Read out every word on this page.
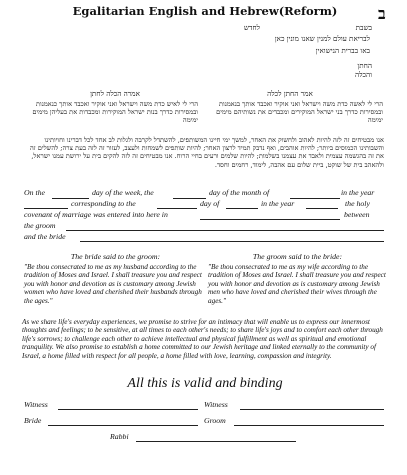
Egalitarian English and Hebrew(Reform)	ב
בשבת
לחדש
לבריאת עולם למנין שאנו מונין כאן
באו בברית הנישואין
החתן
והכלה
אמרה הכלה לחתן	אמר החתן לכלה
הרי לי לאיש כדת משה וישראל ואני אוקיר ואכבד אותך כנאמנות ובמסירות כדרך בנות ישראל המוקירות ומכבדות את בעליהן מימים ימימה
הרי לי לאשה כדת משה וישראל ואני אוקיר ואכבד אותך בנאמנות ובמסירות כדרך בני ישראל המוקירים ומכבדים את נשותיהם מימים ימימה
אנו מבטיחים זה לזה להיות לאהוב ולחשוק את האחר, למשך ימי חיינו המשותפים, להשתדל לקרבה ולגלות לב אחד לכל דברינו וחויותינו והשבותינו הכמוסים ביותר; להיות אוהבים, ואף נדבק תמיד לרצון האחר; להיות שותפים לשמחות ולעצב, לעזור זה לזה בעת צרה; להשלים זה את זה בהגשמה עצמית ולאבד את עצמנו בשלמות; להיות שלמים ורעים בחיי הרוח. אנו מבטיחים זה לזה להקים בית על ירושת עמנו ישראל, ולהאהב בית של שוקט, ביית שלום עם אהבה, לימוד, רחמים וחסד.
On the	day of the week, the	day of the month of	in the year
corresponding to the	day of	in the year	the holy
covenant of marriage was entered into here in	between
the groom
and the bride
The bride said to the groom:	The groom said to the bride:
"Be thou consecrated to me as my husband according to the tradition of Moses and Israel. I shall treasure you and respect you with honor and devotion as is customary among Jewish women who have loved and cherished their husbands through the ages."
"Be thou consecrated to me as my wife according to the tradition of Moses and Israel. I shall treasure you and respect you with honor and devotion as is customary among Jewish men who have loved and cherished their wives through the ages."
As we share life's everyday experiences, we promise to strive for an intimacy that will enable us to express our innermost thoughts and feelings; to be sensitive, at all times to each other's needs; to share life's joys and to comfort each other through life's sorrows; to challenge each other to achieve intellectual and physical fulfillment as well as spiritual and emotional tranquility. We also promise to establish a home committed to our Jewish heritage and linked eternally to the community of Israel, a home filled with respect for all people, a home filled with love, learning, compassion and integrity.
All this is valid and binding
Witness	Witness
Bride	Groom
Rabbi
